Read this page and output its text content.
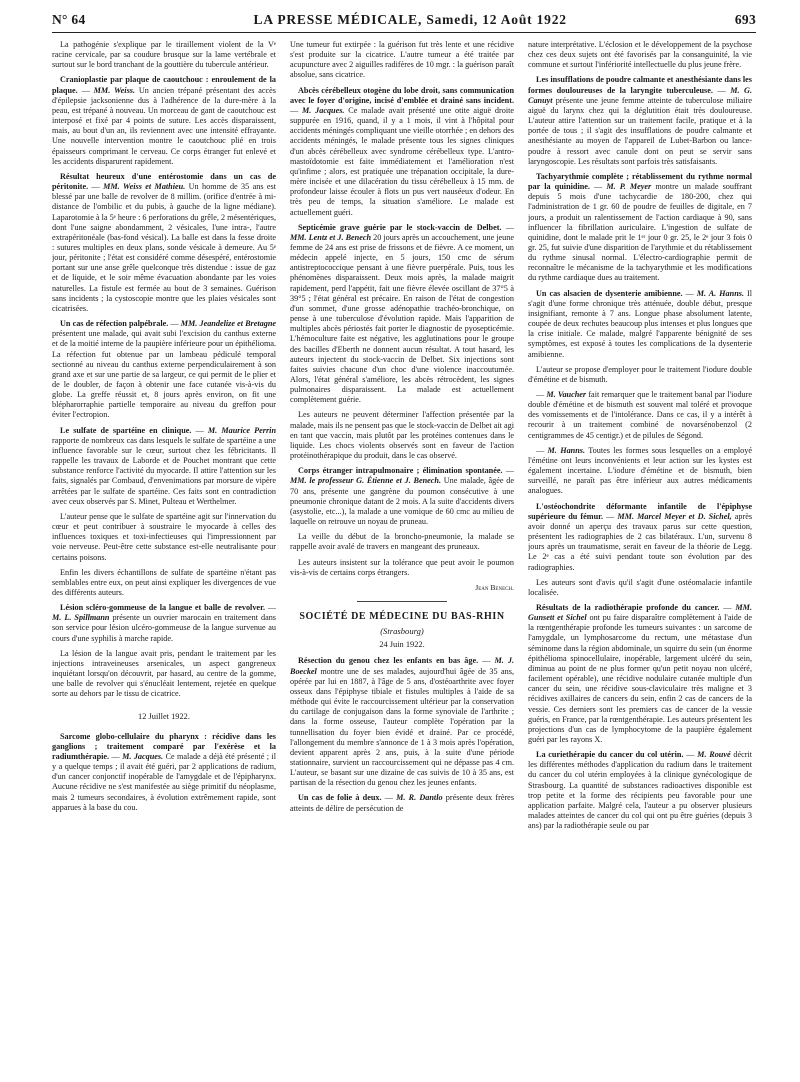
N° 64	LA PRESSE MÉDICALE, Samedi, 12 Août 1922	693

La pathogénie s'explique par le tiraillement violent de la Vᵉ racine cervicale, par sa coudure brusque sur la lame vertébrale et surtout sur le bord tranchant de la gouttière du tubercule antérieur.

Cranioplastie par plaque de caoutchouc : enroulement de la plaque. — MM. Weiss. Un ancien trépané présentant des accès d'épilepsie jacksonienne dus à l'adhérence de la dure-mère à la peau, est trépané à nouveau. Un morceau de gant de caoutchouc est interposé et fixé par 4 points de suture. Les accès disparaissent, mais, au bout d'un an, ils reviennent avec une intensité effrayante. Une nouvelle intervention montre le caoutchouc plié en trois épaisseurs comprimant le cerveau. Ce corps étranger fut enlevé et les accidents disparurent rapidement.

Résultat heureux d'une entérostomie dans un cas de péritonite. — MM. Weiss et Mathieu. Un homme de 35 ans est blessé par une balle de revolver de 8 millim. (orifice d'entrée à mi-distance de l'ombilic et du pubis, à gauche de la ligne médiane). Laparotomie à la 5ᵉ heure : 6 perforations du grêle, 2 mésentériques, dont l'une saigne abondamment, 2 vésicales, l'une intra-, l'autre extrapéritonéale (bas-fond vésical). La balle est dans la fesse droite : sutures multiples en deux plans, sonde vésicale à demeure. Au 5ᵉ jour, péritonite ; l'état est considéré comme désespéré, entérostomie portant sur une anse grêle quelconque très distendue : issue de gaz et de liquide, et le soir même évacuation abondante par les voies naturelles. La fistule est fermée au bout de 3 semaines. Guérison sans incidents ; la cystoscopie montre que les plaies vésicales sont cicatrisées.

Un cas de réfection palpébrale. — MM. Jeandelize et Bretagne présentent une malade, qui avait subi l'excision du canthus externe et de la moitié interne de la paupière inférieure pour un épithélioma. La réfection fut obtenue par un lambeau pédiculé temporal sectionné au niveau du canthus externe perpendiculairement à son grand axe et sur une partie de sa largeur, ce qui permit de le plier et de le doubler, de façon à obtenir une face cutanée vis-à-vis du globe. La greffe réussit et, 8 jours après environ, on fit une blépharorraphie partielle temporaire au niveau du greffon pour éviter l'ectropion.

Le sulfate de spartéine en clinique. — M. Maurice Perrin rapporte de nombreux cas dans lesquels le sulfate de spartéine a une influence favorable sur le cœur, surtout chez les fébricitants. Il rappelle les travaux de Laborde et de Pouchet montrant que cette substance renforce l'activité du myocarde. Il attire l'attention sur les faits, signalés par Combaud, d'envenimations par morsure de vipère arrêtées par le sulfate de spartéine. Ces faits sont en contradiction avec ceux observés par S. Minet, Pulteau et Werthelmer.

L'auteur pense que le sulfate de spartéine agit sur l'innervation du cœur et peut contribuer à soustraire le myocarde à celles des influences toxiques et toxi-infectieuses qui l'impressionnent par voie nerveuse. Peut-être cette substance est-elle neutralisante pour certains poisons.

Enfin les divers échantillons de sulfate de spartéine n'étant pas semblables entre eux, on peut ainsi expliquer les divergences de vue des différents auteurs.

Lésion scléro-gommeuse de la langue et balle de revolver. — M. L. Spillmann présente un ouvrier marocain en traitement dans son service pour lésion ulcéro-gommeuse de la langue survenue au cours d'une syphilis à marche rapide.

La lésion de la langue avait pris, pendant le traitement par les injections intraveineuses arsenicales, un aspect gangreneux inquiétant lorsqu'on découvrit, par hasard, au centre de la gomme, une balle de revolver qui s'énucléait lentement, rejetée en quelque sorte au dehors par le tissu de cicatrice.

12 Juillet 1922.

Sarcome globo-cellulaire du pharynx : récidive dans les ganglions ; traitement comparé par l'exérèse et la radiumthérapie. — M. Jacques. Ce malade a déjà été présenté ; il y a quelque temps ; il avait été guéri, par 2 applications de radium, d'un cancer conjonctif inopérable de l'amygdale et de l'épipharynx. Aucune récidive ne s'est manifestée au siège primitif du néoplasme, mais 2 tumeurs secondaires, à évolution extrêmement rapide, sont apparues à la base du cou.

Une tumeur fut extirpée : la guérison fut très lente et une récidive s'est produite sur la cicatrice. L'autre tumeur a été traitée par acupuncture avec 2 aiguilles radifères de 10 mgr. : la guérison paraît absolue, sans cicatrice.

Abcès cérébelleux otogène du lobe droit, sans communication avec le foyer d'origine, incisé d'emblée et drainé sans incident. — M. Jacques. Ce malade avait présenté une otite aiguë droite suppurée en 1916, quand, il y a 1 mois, il vint à l'hôpital pour accidents méningés compliquant une vieille otorrhée ; en dehors des accidents méningés, le malade présente tous les signes cliniques d'un abcès cérébelleux avec syndrome cérébelleux type. L'antro-mastoïdotomie est faite immédiatement et l'amélioration n'est qu'infime ; alors, est pratiquée une trépanation occipitale, la dure-mère incisée et une dilacération du tissu cérébelleux à 15 mm. de profondeur laisse écouler à flots un pus vert nauséeux d'odeur. En très peu de temps, la situation s'améliore. Le malade est actuellement guéri.

Septicémie grave guérie par le stock-vaccin de Delbet. — MM. Lentz et J. Benech 20 jours après un accouchement, une jeune femme de 24 ans est prise de frissons et de fièvre. A ce moment, un médecin appelé injecte, en 5 jours, 150 cmc de sérum antistreptococcique pensant à une fièvre puerpérale. Puis, tous les phénomènes disparaissent. Deux mois après, la malade maigrit rapidement, perd l'appétit, fait une fièvre élevée oscillant de 37°5 à 39°5 ; l'état général est précaire. En raison de l'état de congestion d'un sommet, d'une grosse adénopathie trachéo-bronchique, on pense à une tuberculose d'évolution rapide. Mais l'apparition de multiples abcès périostés fait porter le diagnostic de pyosepticémie. L'hémoculture faite est négative, les agglutinations pour le groupe des bacilles d'Eberth ne donnent aucun résultat. A tout hasard, les auteurs injectent du stock-vaccin de Delbet. Six injections sont faites suivies chacune d'un choc d'une violence inaccoutumée. Alors, l'état général s'améliore, les abcès rétrocèdent, les signes pulmonaires disparaissent. La malade est actuellement complètement guérie.

Les auteurs ne peuvent déterminer l'affection présentée par la malade, mais ils ne pensent pas que le stock-vaccin de Delbet ait agi en tant que vaccin, mais plutôt par les protéines contenues dans le liquide. Les chocs violents observés sont en faveur de l'action protéinothérapique du produit, dans le cas observé.

Corps étranger intrapulmonaire ; élimination spontanée. — MM. le professeur G. Étienne et J. Benech. Une malade, âgée de 70 ans, présente une gangrène du poumon consécutive à une pneumonie chronique datant de 2 mois. A la suite d'accidents divers (asystolie, etc...), la malade a une vomique de 60 cmc au milieu de laquelle on retrouve un noyau de pruneau.

La veille du début de la broncho-pneumonie, la malade se rappelle avoir avalé de travers en mangeant des pruneaux.

Les auteurs insistent sur la tolérance que peut avoir le poumon vis-à-vis de certains corps étrangers.

Jean Benech.
SOCIÉTÉ DE MÉDECINE DU BAS-RHIN
(Strasbourg)
24 Juin 1922.

Résection du genou chez les enfants en bas âge. — M. J. Boeckel montre une de ses malades, aujourd'hui âgée de 35 ans, opérée par lui en 1887, à l'âge de 5 ans, d'ostéoarthrite avec foyer osseux dans l'épiphyse tibiale et fistules multiples à l'aide de sa méthode qui évite le raccourcissement ultérieur par la conservation du cartilage de conjugaison dans la forme synoviale de l'arthrite ; dans la forme osseuse, l'auteur complète l'opération par la tunnellisation du foyer bien évidé et drainé. Par ce procédé, l'allongement du membre s'annonce de 1 à 3 mois après l'opération, devient apparent après 2 ans, puis, à la suite d'une période stationnaire, survient un raccourcissement qui ne dépasse pas 4 cm. L'auteur, se basant sur une dizaine de cas suivis de 10 à 35 ans, est partisan de la résection du genou chez les jeunes enfants.

Un cas de folie à deux. — M. R. Dantlo présente deux frères atteints de délire de persécution de

nature interprétative. L'éclosion et le développement de la psychose chez ces deux sujets ont été favorisés par la consanguinité, la vie commune et surtout l'infériorité intellectuelle du plus jeune frère.

Les insufflations de poudre calmante et anesthésiante dans les formes douloureuses de la laryngite tuberculeuse. — M. G. Canuyt présente une jeune femme atteinte de tuberculose miliaire aiguë du larynx chez qui la déglutition était très douloureuse. L'auteur attire l'attention sur un traitement facile, pratique et à la portée de tous ; il s'agit des insufflations de poudre calmante et anesthésiante au moyen de l'appareil de Lubet-Barbon ou lance-poudre à ressort avec canule dont on peut se servir sans laryngoscopie. Les résultats sont parfois très satisfaisants.

Tachyarythmie complète ; rétablissement du rythme normal par la quinidine. — M. P. Meyer montre un malade souffrant depuis 5 mois d'une tachycardie de 180-200, chez qui l'administration de 1 gr. 60 de poudre de feuilles de digitale, en 7 jours, a produit un ralentissement de l'action cardiaque à 90, sans influencer la fibrillation auriculaire. L'ingestion de sulfate de quinidine, dont le malade prit le 1ᵉʳ jour 0 gr. 25, le 2ᵉ jour 3 fois 0 gr. 25, fut suivie d'une disparition de l'arythmie et du rétablissement du rythme sinusal normal. L'électro-cardiographie permit de reconnaître le mécanisme de la tachyarythmie et les modifications du rythme cardiaque dues au traitement.

Un cas alsacien de dysenterie amibienne. — M. A. Hanns. Il s'agit d'une forme chronique très atténuée, double début, presque insignifiant, remonte à 7 ans. Longue phase absolument latente, coupée de deux rechutes beaucoup plus intenses et plus longues que la crise initiale. Ce malade, malgré l'apparente bénignité de ses symptômes, est exposé à toutes les complications de la dysenterie amibienne.

L'auteur se propose d'employer pour le traitement l'iodure double d'émétine et de bismuth.

— M. Vaucher fait remarquer que le traitement banal par l'iodure double d'émétine et de bismuth est souvent mal toléré et provoque des vomissements et de l'intolérance. Dans ce cas, il y a intérêt à recourir à un traitement combiné de novarsénobenzol (2 centigrammes de 45 centigr.) et de pilules de Ségond.

— M. Hanns. Toutes les formes sous lesquelles on a employé l'émétine ont leurs inconvénients et leur action sur les kystes est également incertaine. L'iodure d'émétine et de bismuth, bien surveillé, ne paraît pas être inférieur aux autres médicaments analogues.

L'ostéochondrite déformante infantile de l'épiphyse supérieure du fémur. — MM. Marcel Meyer et D. Sichel, après avoir donné un aperçu des travaux parus sur cette question, présentent les radiographies de 2 cas bilatéraux. L'un, survenu 8 jours après un traumatisme, serait en faveur de la théorie de Legg. Le 2ᵉ cas a été suivi pendant toute son évolution par des radiographies.

Les auteurs sont d'avis qu'il s'agit d'une ostéomalacie infantile localisée.

Résultats de la radiothérapie profonde du cancer. — MM. Gunsett et Sichel ont pu faire disparaître complètement à l'aide de la rœntgenthérapie profonde les tumeurs suivantes : un sarcome de l'amygdale, un lymphosarcome du rectum, une métastase d'un séminome dans la région abdominale, un squirre du sein (un énorme épithélioma spinocellulaire, inopérable, largement ulcéré du sein, diminua au point de ne plus former qu'un petit noyau non ulcéré, facilement opérable), une récidive nodulaire cutanée multiple d'un cancer du sein, une récidive sous-claviculaire très maligne et 3 récidives axillaires de cancers du sein, enfin 2 cas de cancers de la vessie. Ces derniers sont les premiers cas de cancer de la vessie guéris, en France, par la rœntgenthérapie. Les auteurs présentent les projections d'un cas de lymphocytome de la paupière également guéri par les rayons X.

La curiethérapie du cancer du col utérin. — M. Rouvé décrit les différentes méthodes d'application du radium dans le traitement du cancer du col utérin employées à la clinique gynécologique de Strasbourg. La quantité de substances radioactives disponible est trop petite et la forme des récipients peu favorable pour une application parfaite. Malgré cela, l'auteur a pu observer plusieurs malades atteintes de cancer du col qui ont pu être guéries (depuis 3 ans) par la radiothérapie seule ou par
